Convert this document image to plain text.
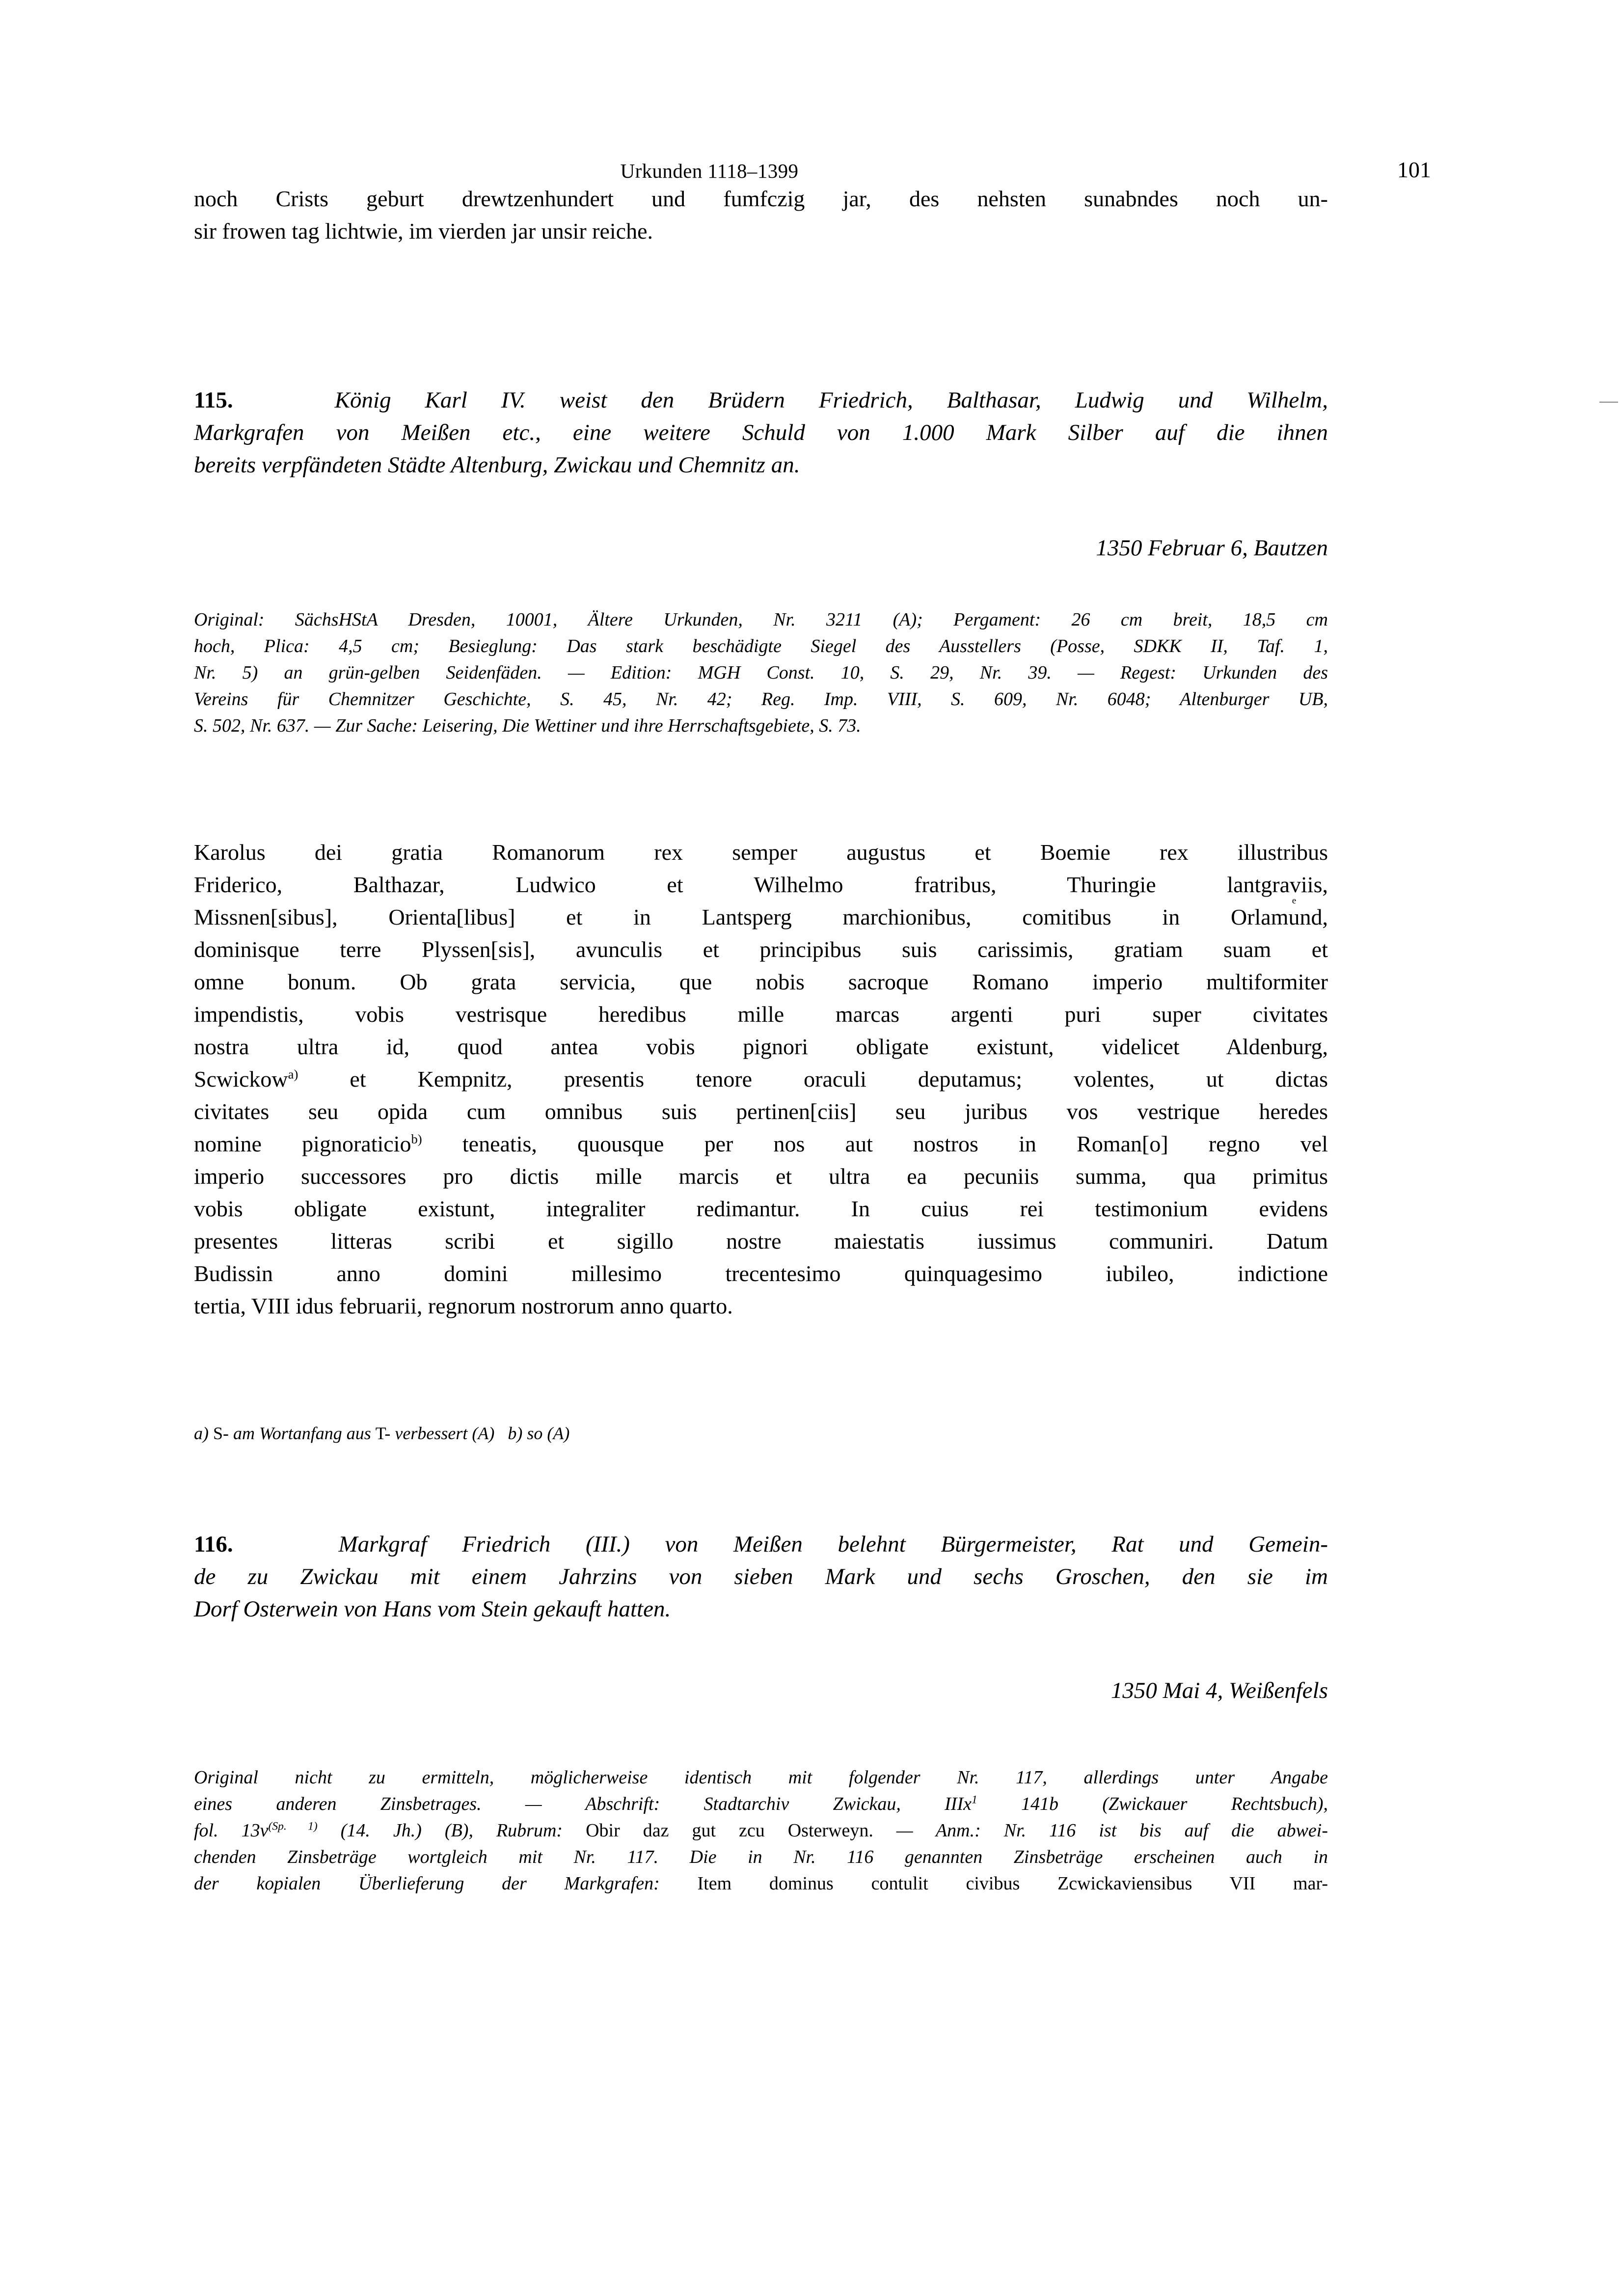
Urkunden 1118–1399	101
noch Crists geburt drewtzenhundert und fumfczig jar, des nehsten sunabndes noch un-
sir frowen tag lichtwie, im vierden jar unsir reiche.
115.	König Karl IV. weist den Brüdern Friedrich, Balthasar, Ludwig und Wilhelm,
Markgrafen von Meißen etc., eine weitere Schuld von 1.000 Mark Silber auf die ihnen
bereits verpfändeten Städte Altenburg, Zwickau und Chemnitz an.
1350 Februar 6, Bautzen
Original: SächsHStA Dresden, 10001, Ältere Urkunden, Nr. 3211 (A); Pergament: 26 cm breit, 18,5 cm
hoch, Plica: 4,5 cm; Besieglung: Das stark beschädigte Siegel des Ausstellers (Posse, SDKK II, Taf. 1,
Nr. 5) an grün-gelben Seidenfäden. — Edition: MGH Const. 10, S. 29, Nr. 39. — Regest: Urkunden des
Vereins für Chemnitzer Geschichte, S. 45, Nr. 42; Reg. Imp. VIII, S. 609, Nr. 6048; Altenburger UB,
S. 502, Nr. 637. — Zur Sache: Leisering, Die Wettiner und ihre Herrschaftsgebiete, S. 73.
Karolus dei gratia Romanorum rex semper augustus et Boemie rex illustribus
Friderico, Balthazar, Ludwico et Wilhelmo fratribus, Thuringie lantgraviis,
Missnen[sibus], Orienta[libus] et in Lantsperg marchionibus, comitibus in Orlamu
e
nd,
dominisque terre Plyssen[sis], avunculis et principibus suis carissimis, gratiam suam et
omne bonum. Ob grata servicia, que nobis sacroque Romano imperio multiformiter
impendistis, vobis vestrisque heredibus mille marcas argenti puri super civitates
nostra ultra id, quod antea vobis pignori obligate existunt, videlicet Aldenburg,
Scwickow$^{a)}$ et Kempnitz, presentis tenore oraculi deputamus; volentes, ut dictas
civitates seu opida cum omnibus suis pertinen[ciis] seu juribus vos vestrique heredes
nomine pignoraticio$^{b)}$ teneatis, quousque per nos aut nostros in Roman[o] regno vel
imperio successores pro dictis mille marcis et ultra ea pecuniis summa, qua primitus
vobis obligate existunt, integraliter redimantur. In cuius rei testimonium evidens
presentes litteras scribi et sigillo nostre maiestatis iussimus communiri. Datum
Budissin anno domini millesimo trecentesimo quinquagesimo iubileo, indictione
tertia, VIII idus februarii, regnorum nostrorum anno quarto.
a) S- am Wortanfang aus T- verbessert (A) b) so (A)
116.	Markgraf Friedrich (III.) von Meißen belehnt Bürgermeister, Rat und Gemein-
de zu Zwickau mit einem Jahrzins von sieben Mark und sechs Groschen, den sie im
Dorf Osterwein von Hans vom Stein gekauft hatten.
1350 Mai 4, Weißenfels
Original nicht zu ermitteln, möglicherweise identisch mit folgender Nr. 117, allerdings unter Angabe
eines anderen Zinsbetrages. — Abschrift: Stadtarchiv Zwickau, IIIx$^1$ 141b (Zwickauer Rechtsbuch),
fol. $13v^{(Sp. 1)}$ (14. Jh.) (B), Rubrum: Obir daz gut zcu Osterweyn. — Anm.: Nr. 116 ist bis auf die abwei-
chenden Zinsbeträge wortgleich mit Nr. 117. Die in Nr. 116 genannten Zinsbeträge erscheinen auch in
der kopialen Überlieferung der Markgrafen: Item dominus contulit civibus Zcwickaviensibus VII mar-
